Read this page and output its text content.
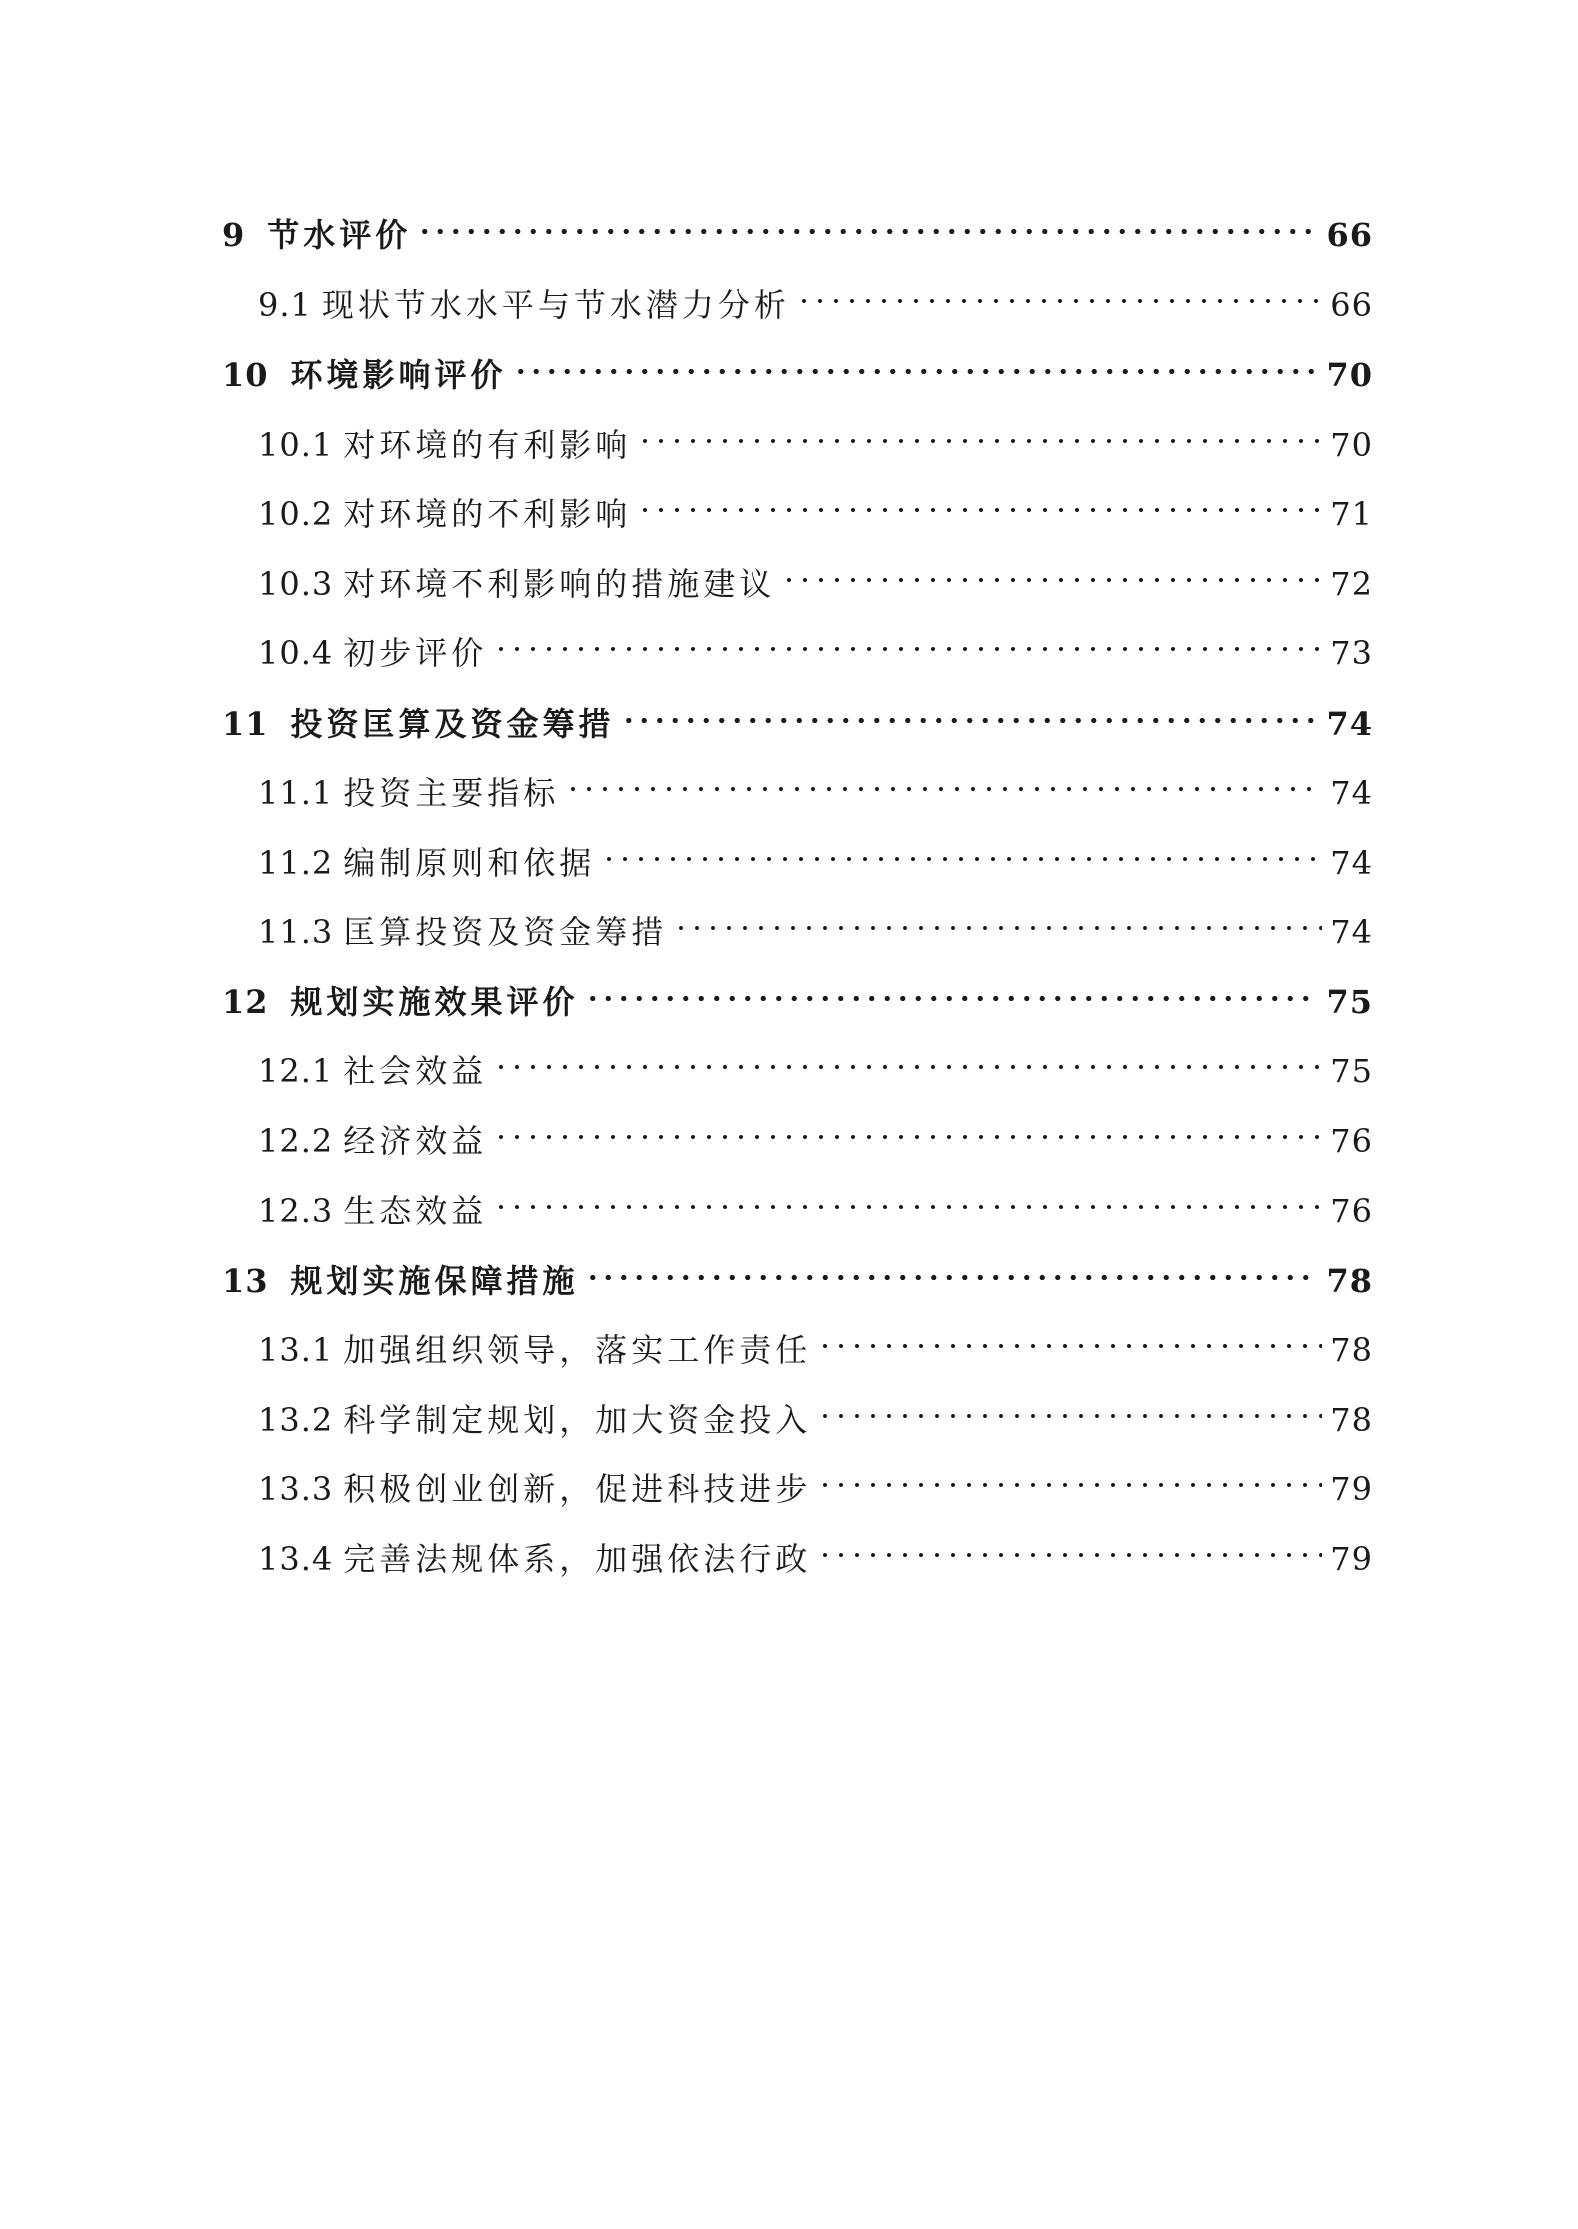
9 节水评价	66
9.1 现状节水水平与节水潜力分析	66
10 环境影响评价	70
10.1 对环境的有利影响	70
10.2 对环境的不利影响	71
10.3 对环境不利影响的措施建议	72
10.4 初步评价	73
11 投资匡算及资金筹措	74
11.1 投资主要指标	74
11.2 编制原则和依据	74
11.3 匡算投资及资金筹措	74
12 规划实施效果评价	75
12.1 社会效益	75
12.2 经济效益	76
12.3 生态效益	76
13 规划实施保障措施	78
13.1 加强组织领导，落实工作责任	78
13.2 科学制定规划，加大资金投入	78
13.3 积极创业创新，促进科技进步	79
13.4 完善法规体系，加强依法行政	79
